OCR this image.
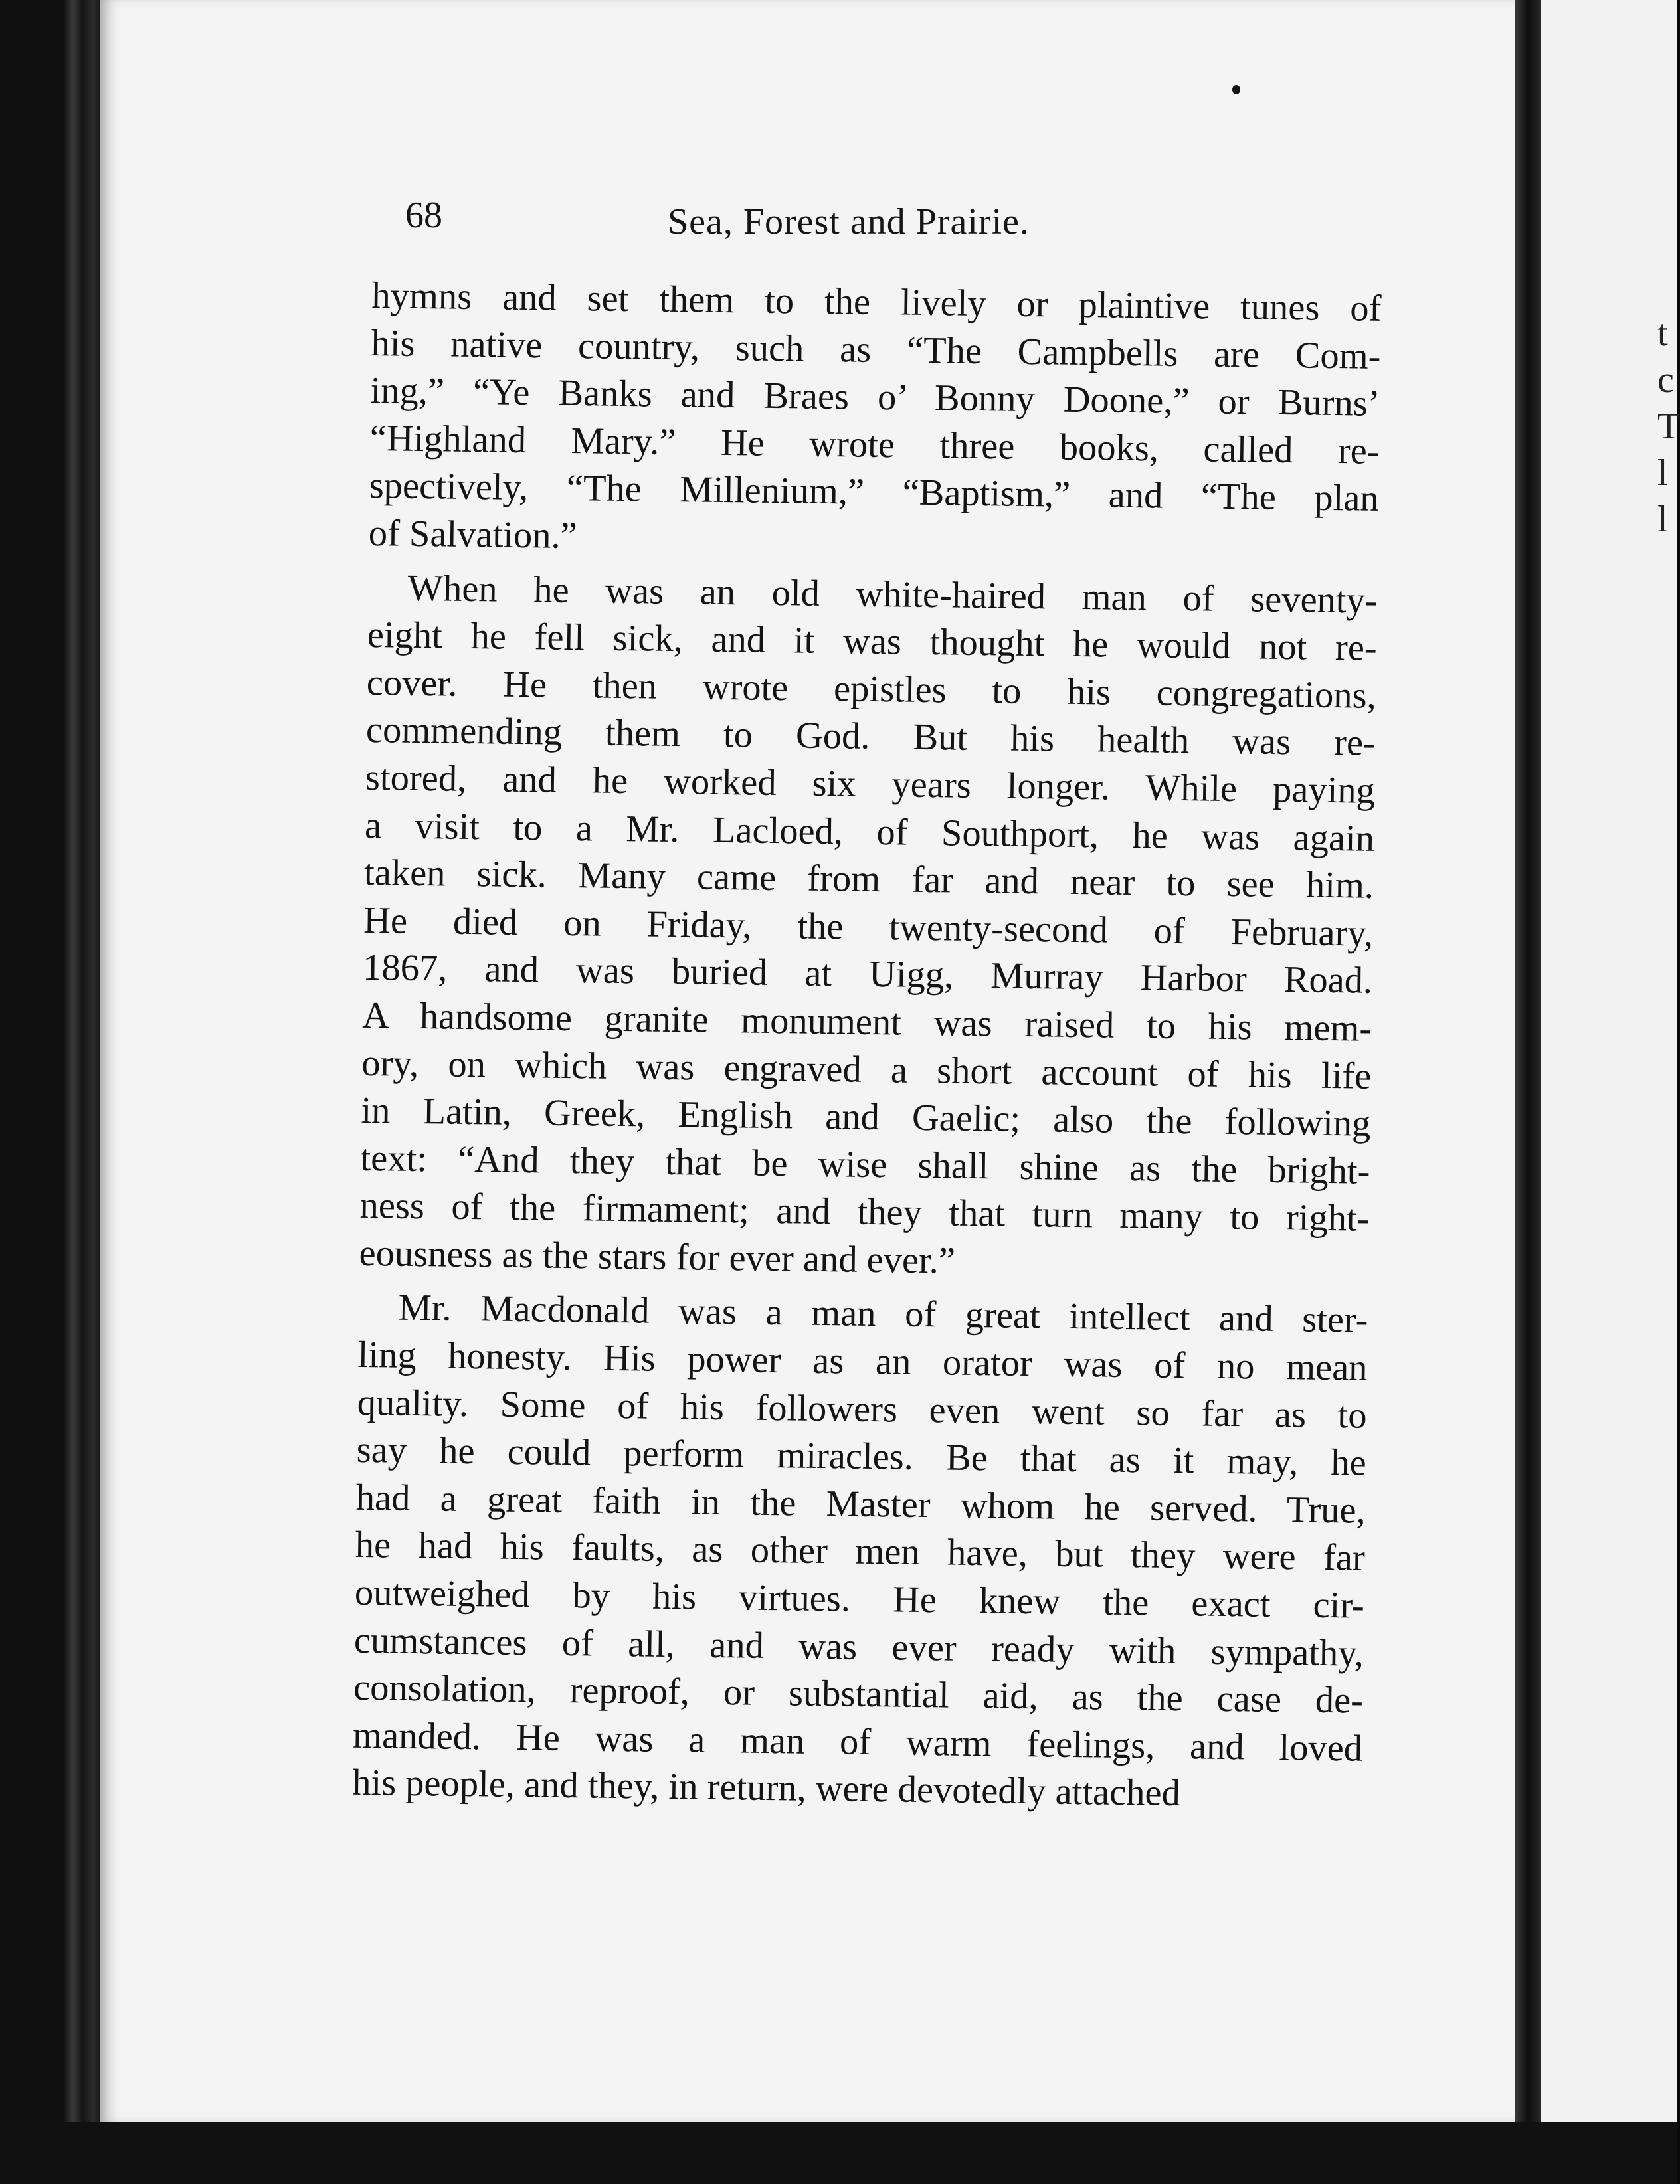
68	Sea, Forest and Prairie.
hymns and set them to the lively or plaintive tunes of
his native country, such as “The Campbells are Com-
ing,” “Ye Banks and Braes o’ Bonny Doone,” or Burns’
“Highland Mary.” He wrote three books, called re-
spectively, “The Millenium,” “Baptism,” and “The plan
of Salvation.”
When he was an old white-haired man of seventy-
eight he fell sick, and it was thought he would not re-
cover. He then wrote epistles to his congregations,
commending them to God. But his health was re-
stored, and he worked six years longer. While paying
a visit to a Mr. Lacloed, of Southport, he was again
taken sick. Many came from far and near to see him.
He died on Friday, the twenty-second of February,
1867, and was buried at Uigg, Murray Harbor Road.
A handsome granite monument was raised to his mem-
ory, on which was engraved a short account of his life
in Latin, Greek, English and Gaelic; also the following
text: “And they that be wise shall shine as the bright-
ness of the firmament; and they that turn many to right-
eousness as the stars for ever and ever.”
Mr. Macdonald was a man of great intellect and ster-
ling honesty. His power as an orator was of no mean
quality. Some of his followers even went so far as to
say he could perform miracles. Be that as it may, he
had a great faith in the Master whom he served. True,
he had his faults, as other men have, but they were far
outweighed by his virtues. He knew the exact cir-
cumstances of all, and was ever ready with sympathy,
consolation, reproof, or substantial aid, as the case de-
manded. He was a man of warm feelings, and loved
his people, and they, in return, were devotedly attached
t
c
T
l
l
